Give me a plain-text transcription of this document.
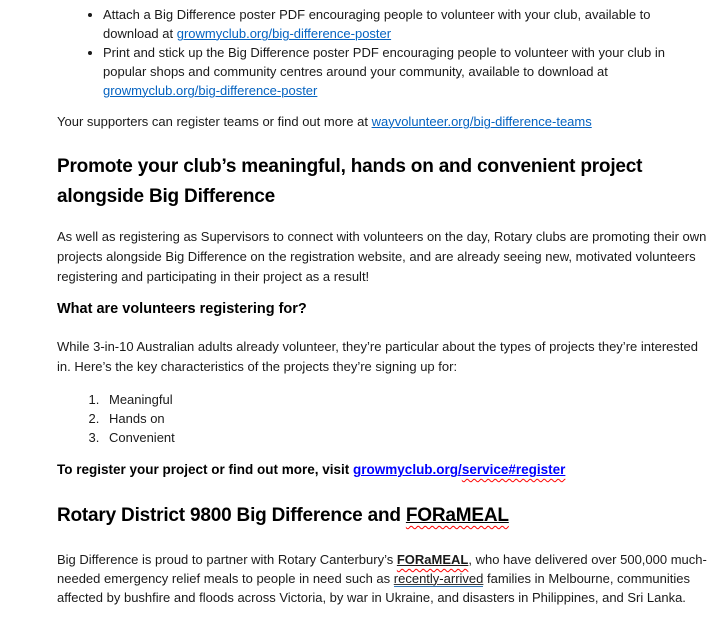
• Attach a Big Difference poster PDF encouraging people to volunteer with your club, available to download at growmyclub.org/big-difference-poster
• Print and stick up the Big Difference poster PDF encouraging people to volunteer with your club in popular shops and community centres around your community, available to download at growmyclub.org/big-difference-poster

Your supporters can register teams or find out more at wayvolunteer.org/big-difference-teams

Promote your club’s meaningful, hands on and convenient project alongside Big Difference

As well as registering as Supervisors to connect with volunteers on the day, Rotary clubs are promoting their own projects alongside Big Difference on the registration website, and are already seeing new, motivated volunteers registering and participating in their project as a result!

What are volunteers registering for?

While 3-in-10 Australian adults already volunteer, they’re particular about the types of projects they’re interested in. Here’s the key characteristics of the projects they’re signing up for:

1. Meaningful
2. Hands on
3. Convenient

To register your project or find out more, visit growmyclub.org/service#register

Rotary District 9800 Big Difference and FORaMEAL

Big Difference is proud to partner with Rotary Canterbury’s FORaMEAL, who have delivered over 500,000 much-needed emergency relief meals to people in need such as recently-arrived families in Melbourne, communities affected by bushfire and floods across Victoria, by war in Ukraine, and disasters in Philippines, and Sri Lanka.
